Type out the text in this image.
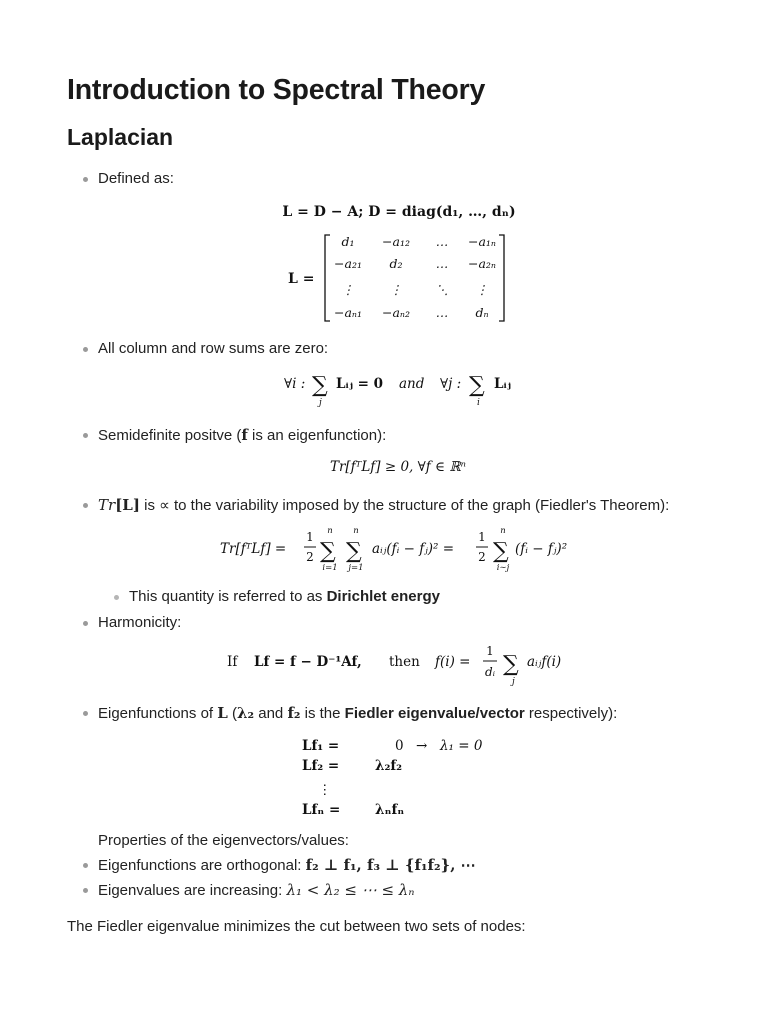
Introduction to Spectral Theory
Laplacian
Defined as:
L = D − A; D = diag(d₁, …, dₙ)
L =
d₁ −a₁₂ … −a₁ₙ
−a₂₁ d₂	… −a₂ₙ
⋮	⋮	⋱ ⋮
−aₙ₁ −aₙ₂ … dₙ
All column and row sums are zero:
∀i : ∑
j
Lᵢⱼ = 0 and ∀j : ∑
i
Lᵢⱼ
Semidefinite positve (f is an eigenfunction):
Tr[fᵀLf] ≥ 0, ∀f ∈ ℝⁿ
Tr[L] is ∝ to the variability imposed by the structure of the graph (Fiedler's Theorem):
Tr[fᵀLf] =
1
2
n
∑
i=1
n
∑
j=1
aᵢⱼ(fᵢ − fⱼ)² =
1
2
n
∑
i∼j
(fᵢ − fⱼ)²
This quantity is referred to as Dirichlet energy
Harmonicity:
If Lf = f − D⁻¹Af, then f(i) =
1
dᵢ ∑
j
aᵢⱼf(i)
Eigenfunctions of L (λ₂ and f₂ is the Fiedler eigenvalue/vector respectively):
Lf₁ =	0 → λ₁ = 0
Lf₂ =	λ₂f₂
⋮
Lfₙ =	λₙfₙ
Properties of the eigenvectors/values:
Eigenfunctions are orthogonal: f₂ ⊥ f₁, f₃ ⊥ {f₁f₂}, ⋯
Eigenvalues are increasing: λ₁ < λ₂ ≤ ⋯ ≤ λₙ
The Fiedler eigenvalue minimizes the cut between two sets of nodes:
